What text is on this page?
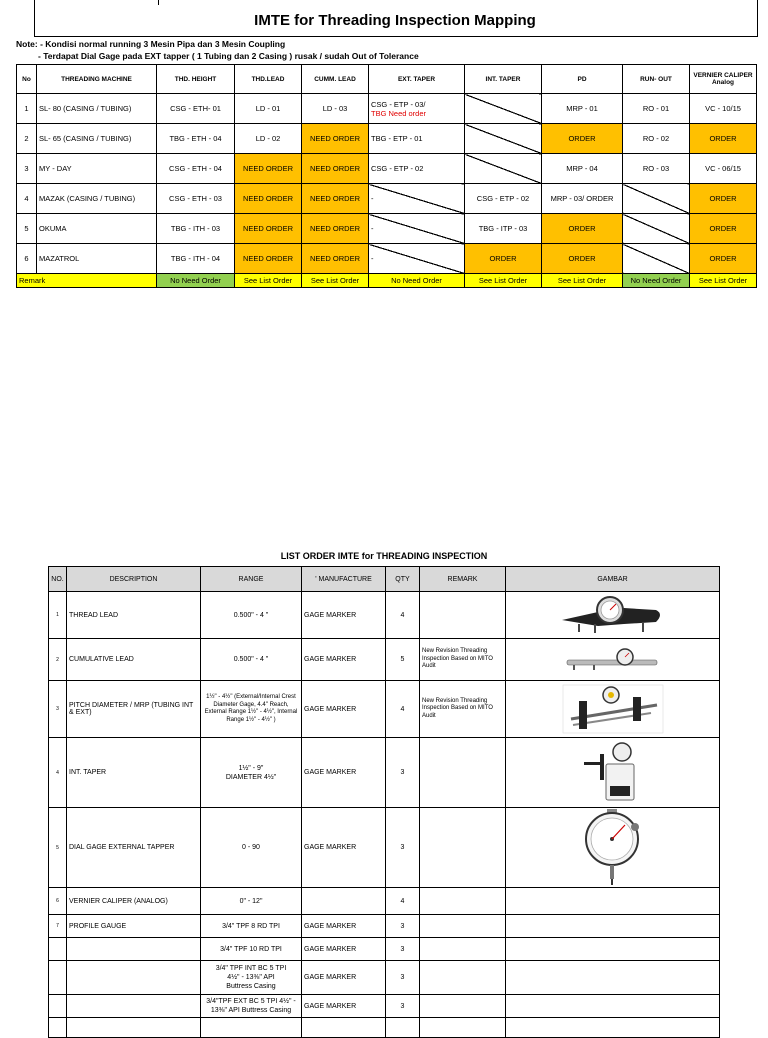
IMTE for Threading Inspection Mapping
Note: - Kondisi normal running 3 Mesin Pipa dan 3 Mesin Coupling
- Terdapat Dial Gage pada EXT tapper ( 1 Tubing dan 2 Casing ) rusak / sudah Out of Tolerance
No	THREADING MACHINE	THD. HEIGHT	THD.LEAD	CUMM. LEAD	EXT. TAPER	INT. TAPER	PD	RUN- OUT	VERNIER CALIPER Analog
1	SL- 80 (CASING / TUBING)	CSG - ETH- 01	LD - 01	LD - 03	CSG - ETP - 03/
TBG Need order	-	MRP - 01	RO - 01	VC - 10/15
2	SL- 65 (CASING / TUBING)	TBG - ETH - 04	LD - 02	NEED ORDER	TBG - ETP - 01	-	ORDER	RO - 02	ORDER
3	MY - DAY	CSG - ETH - 04	NEED ORDER	NEED ORDER	CSG - ETP - 02	-	MRP - 04	RO - 03	VC - 06/15
4	MAZAK (CASING / TUBING)	CSG - ETH - 03	NEED ORDER	NEED ORDER	-	CSG - ETP - 02	MRP - 03/ ORDER	-	ORDER
5	OKUMA	TBG - ITH - 03	NEED ORDER	NEED ORDER	-	TBG - ITP - 03	ORDER	-	ORDER
6	MAZATROL	TBG - ITH - 04	NEED ORDER	NEED ORDER	-	ORDER	ORDER	-	ORDER
Remark		No Need Order	See List Order	See List Order	No Need Order	See List Order	See List Order	No Need Order	See List Order
LIST ORDER IMTE for THREADING INSPECTION
NO.	DESCRIPTION	RANGE	' MANUFACTURE	QTY	REMARK	GAMBAR
1	THREAD LEAD	0.500" - 4 "	GAGE MARKER	4		

2	CUMULATIVE LEAD	0.500" - 4 "	GAGE MARKER	5	New Revision Threading Inspection Based on MITO Audit	

3	PITCH DIAMETER / MRP (TUBING INT & EXT)	1½" - 4½" (External/Internal Crest Diameter Gage, 4.4" Reach, External Range 1½" - 4½", Internal Range 1½" - 4½" )	GAGE MARKER	4	New Revision Threading Inspection Based on MITO Audit	

4	INT. TAPER	1½" - 9"
DIAMETER 4½"	GAGE MARKER	3		

5	DIAL GAGE EXTERNAL TAPPER	0 - 90	GAGE MARKER	3		

6	VERNIER CALIPER (ANALOG)	0" - 12"		4		
7	PROFILE GAUGE	3/4" TPF 8 RD TPI	GAGE MARKER	3		
		3/4" TPF 10 RD TPI	GAGE MARKER	3		

		3/4" TPF INT BC 5 TPI
4½" - 13⅜" API
Buttress Casing	GAGE MARKER	3		

		3/4"TPF EXT BC 5 TPI 4½" -
13⅜" API Buttress Casing	GAGE MARKER	3		
